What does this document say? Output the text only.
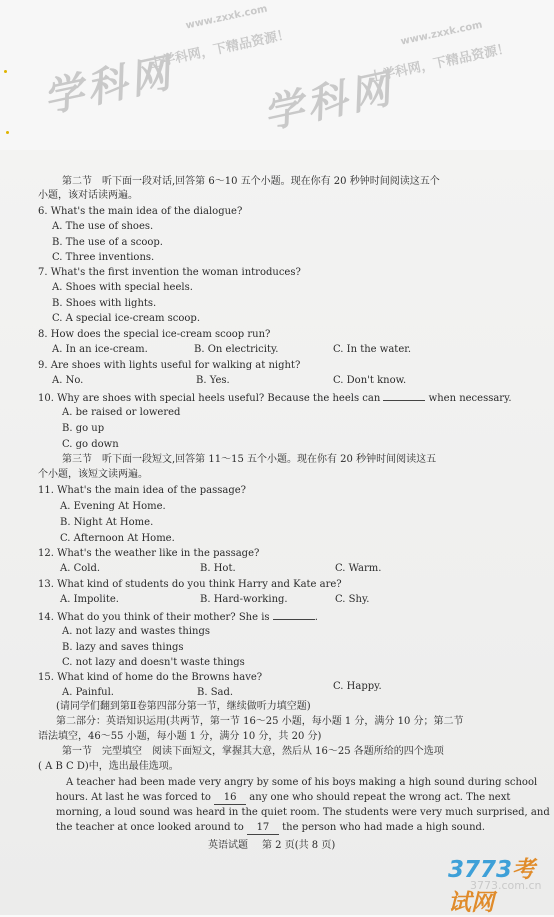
学科网
上学科网，下精品资源！
www.zxxk.com
学科网
上学科网，下精品资源！
www.zxxk.com
第二节　听下面一段对话,回答第 6～10 五个小题。现在你有 20 秒钟时间阅读这五个
小题，该对话读两遍。
6. What's the main idea of the dialogue?
A. The use of shoes.
B. The use of a scoop.
C. Three inventions.
7. What's the first invention the woman introduces?
A. Shoes with special heels.
B. Shoes with lights.
C. A special ice-cream scoop.
8. How does the special ice-cream scoop run?
A. In an ice-cream.	B. On electricity.	C. In the water.
9. Are shoes with lights useful for walking at night?
A. No.	B. Yes.	C. Don't know.
10. Why are shoes with special heels useful? Because the heels can	when necessary.
A. be raised or lowered
B. go up
C. go down
第三节　听下面一段短文,回答第 11～15 五个小题。现在你有 20 秒钟时间阅读这五
个小题，该短文读两遍。
11. What's the main idea of the passage?
A. Evening At Home.
B. Night At Home.
C. Afternoon At Home.
12. What's the weather like in the passage?
A. Cold.	B. Hot.	C. Warm.
13. What kind of students do you think Harry and Kate are?
A. Impolite.	B. Hard-working.	C. Shy.
14. What do you think of their mother? She is	.
A. not lazy and wastes things
B. lazy and saves things
C. not lazy and doesn't waste things
15. What kind of home do the Browns have?
A. Painful.	B. Sad.
C. Happy.
(请同学们翻到第Ⅱ卷第四部分第一节，继续做听力填空题)
第二部分：英语知识运用(共两节，第一节 16～25 小题，每小题 1 分，满分 10 分；第二节
语法填空，46～55 小题，每小题 1 分，满分 10 分，共 20 分)
第一节　完型填空　阅读下面短文，掌握其大意，然后从 16～25 各题所给的四个选项
( A B C D)中，选出最佳选项。
A teacher had been made very angry by some of his boys making a high sound during school
hours. At last he was forced to 16 any one who should repeat the wrong act. The next
morning, a loud sound was heard in the quiet room. The students were very much surprised, and
the teacher at once looked around to 17 the person who had made a high sound.
英语试题 第 2 页(共 8 页)
3773考试网
3773.com.cn
